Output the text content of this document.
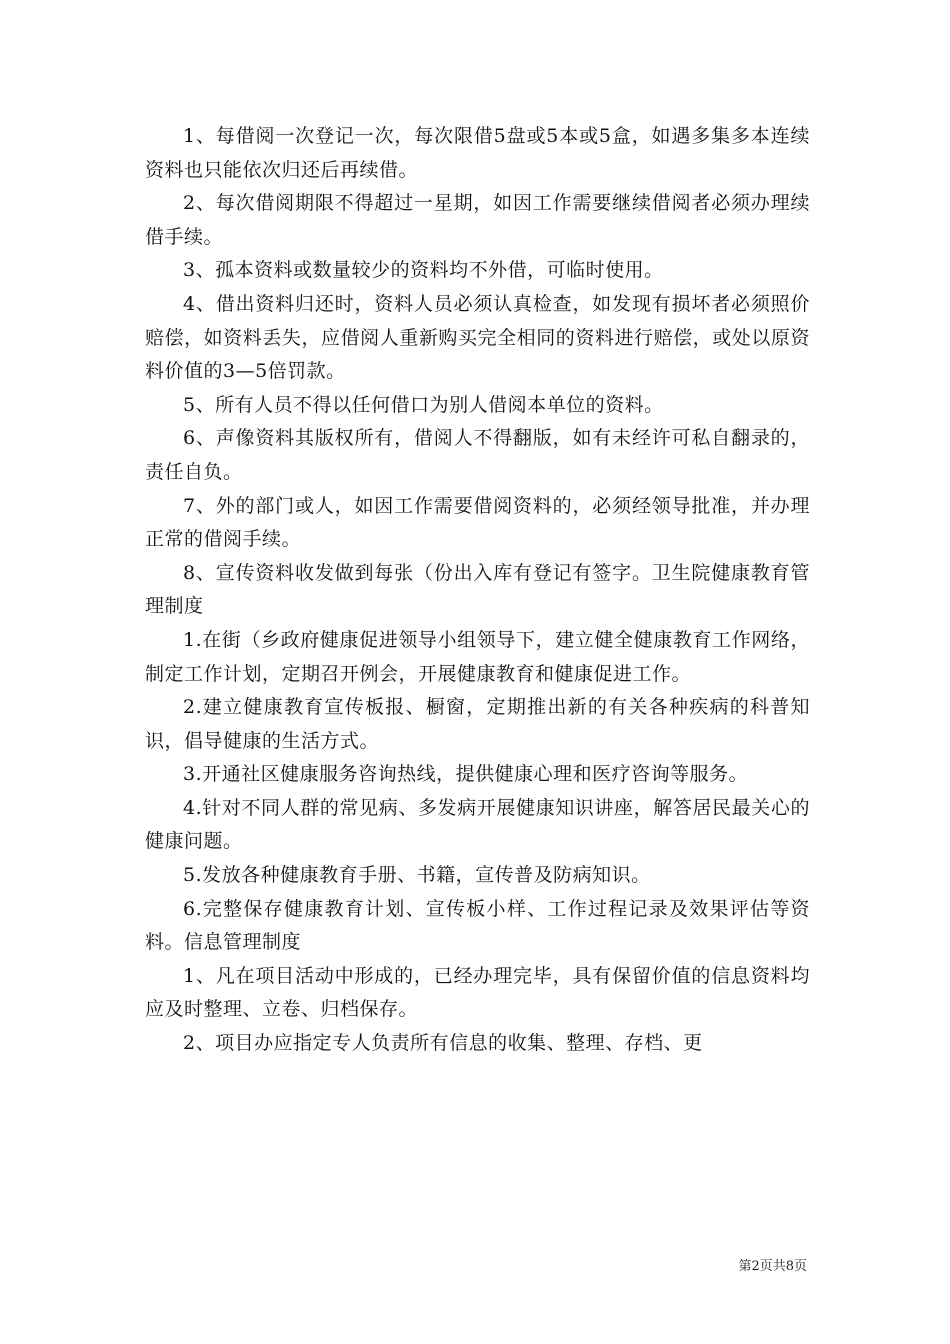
1、每借阅一次登记一次，每次限借5盘或5本或5盒，如遇多集多本连续资料也只能依次归还后再续借。

2、每次借阅期限不得超过一星期，如因工作需要继续借阅者必须办理续借手续。

3、孤本资料或数量较少的资料均不外借，可临时使用。

4、借出资料归还时，资料人员必须认真检查，如发现有损坏者必须照价赔偿，如资料丢失，应借阅人重新购买完全相同的资料进行赔偿，或处以原资料价值的3—5倍罚款。

5、所有人员不得以任何借口为别人借阅本单位的资料。

6、声像资料其版权所有，借阅人不得翻版，如有未经许可私自翻录的，责任自负。

7、外的部门或人，如因工作需要借阅资料的，必须经领导批准，并办理正常的借阅手续。

8、宣传资料收发做到每张（份出入库有登记有签字。卫生院健康教育管理制度

1.在街（乡政府健康促进领导小组领导下，建立健全健康教育工作网络，制定工作计划，定期召开例会，开展健康教育和健康促进工作。

2.建立健康教育宣传板报、橱窗，定期推出新的有关各种疾病的科普知识，倡导健康的生活方式。

3.开通社区健康服务咨询热线，提供健康心理和医疗咨询等服务。

4.针对不同人群的常见病、多发病开展健康知识讲座，解答居民最关心的健康问题。

5.发放各种健康教育手册、书籍，宣传普及防病知识。

6.完整保存健康教育计划、宣传板小样、工作过程记录及效果评估等资料。信息管理制度

1、凡在项目活动中形成的，已经办理完毕，具有保留价值的信息资料均应及时整理、立卷、归档保存。

2、项目办应指定专人负责所有信息的收集、整理、存档、更

第2页共8页
